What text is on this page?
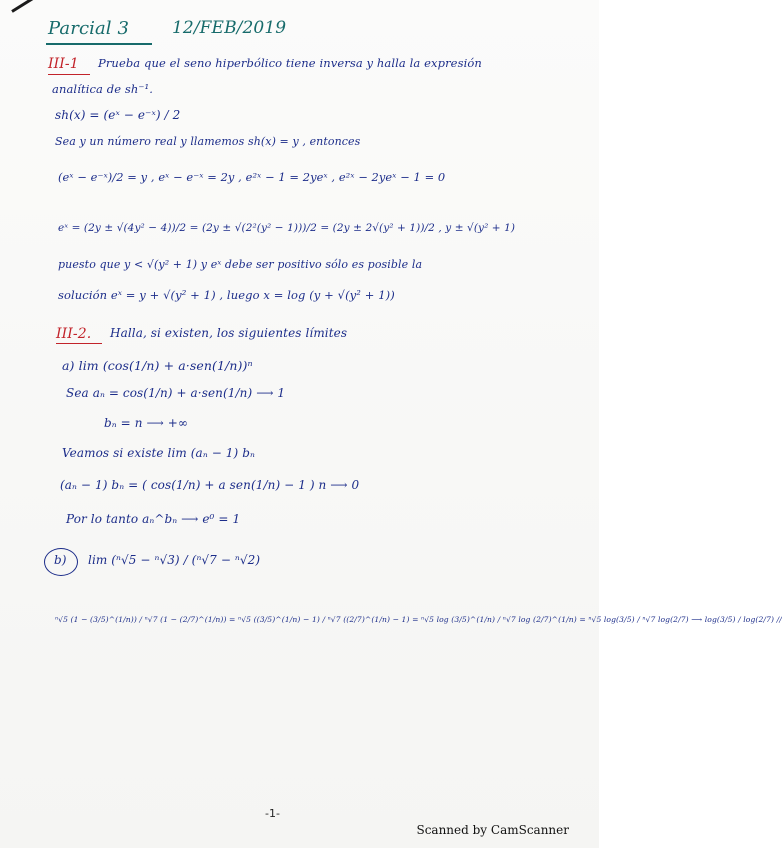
Parcial 3	12/FEB/2019
III-1 Prueba que el seno hiperbólico tiene inversa y halla la expresión
analítica de sh⁻¹.
sh(x) = (eˣ − e⁻ˣ) / 2
Sea y un número real y llamemos sh(x) = y , entonces
(eˣ − e⁻ˣ)/2 = y , eˣ − e⁻ˣ = 2y , e²ˣ − 1 = 2yeˣ , e²ˣ − 2yeˣ − 1 = 0
eˣ = (2y ± √(4y² − 4))/2 = (2y ± √(2²(y² − 1)))/2 = (2y ± 2√(y² + 1))/2 , y ± √(y² + 1)
puesto que y < √(y² + 1) y eˣ debe ser positivo sólo es posible la
solución eˣ = y + √(y² + 1) , luego x = log (y + √(y² + 1))
III-2. Halla, si existen, los siguientes límites
a) lim (cos(1/n) + a·sen(1/n))ⁿ
Sea aₙ = cos(1/n) + a·sen(1/n) ⟶ 1
bₙ = n ⟶ +∞
Veamos si existe lim (aₙ − 1) bₙ
(aₙ − 1) bₙ = ( cos(1/n) + a sen(1/n) − 1 ) n ⟶ 0
Por lo tanto aₙ^bₙ ⟶ e⁰ = 1
b) lim (ⁿ√5 − ⁿ√3) / (ⁿ√7 − ⁿ√2)
ⁿ√5 (1 − (3/5)^(1/n)) / ⁿ√7 (1 − (2/7)^(1/n)) = ⁿ√5 ((3/5)^(1/n) − 1) / ⁿ√7 ((2/7)^(1/n) − 1) = ⁿ√5 log (3/5)^(1/n) / ⁿ√7 log (2/7)^(1/n) = ⁿ√5 log(3/5) / ⁿ√7 log(2/7) ⟶ log(3/5) / log(2/7) //
-1-
Scanned by CamScanner
